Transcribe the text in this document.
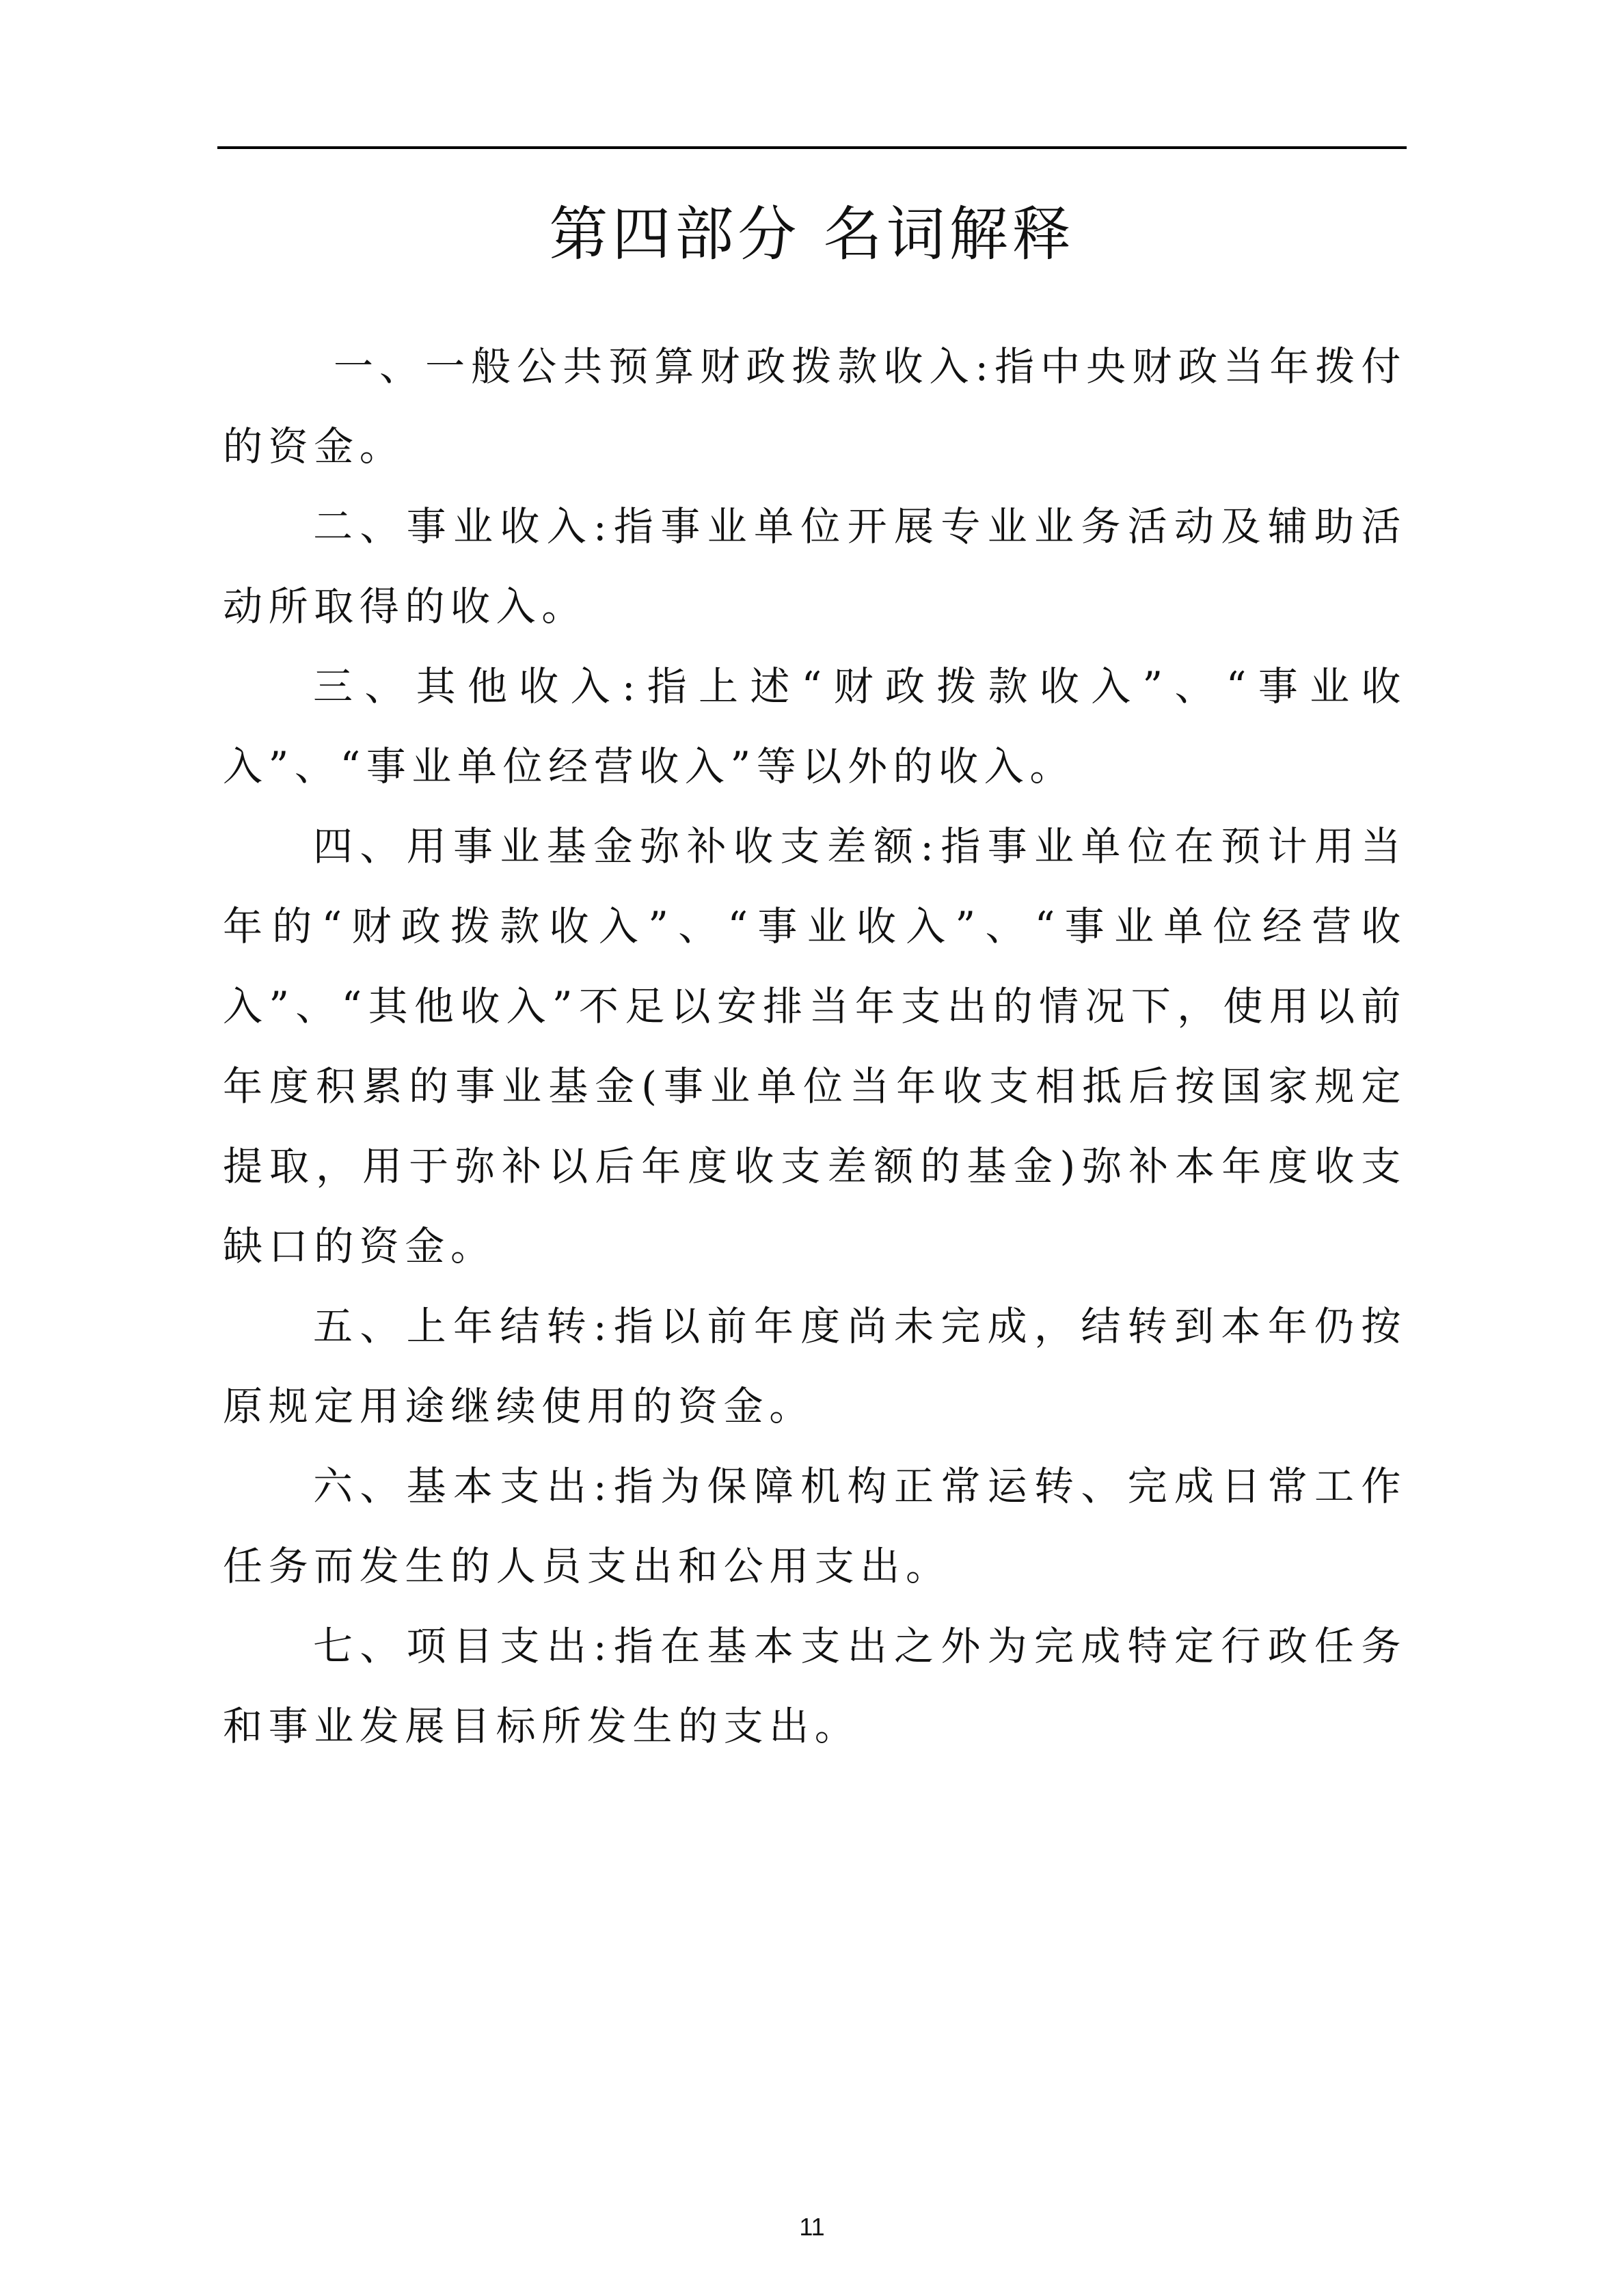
第四部分 名词解释

一、一般公共预算财政拨款收入:指中央财政当年拨付的资金。

二、事业收入:指事业单位开展专业业务活动及辅助活动所取得的收入。

三、其他收入:指上述“财政拨款收入”、“事业收入”、“事业单位经营收入”等以外的收入。

四、用事业基金弥补收支差额:指事业单位在预计用当年的“财政拨款收入”、“事业收入”、“事业单位经营收入”、“其他收入”不足以安排当年支出的情况下，使用以前年度积累的事业基金(事业单位当年收支相抵后按国家规定提取，用于弥补以后年度收支差额的基金)弥补本年度收支缺口的资金。

五、上年结转:指以前年度尚未完成，结转到本年仍按原规定用途继续使用的资金。

六、基本支出:指为保障机构正常运转、完成日常工作任务而发生的人员支出和公用支出。

七、项目支出:指在基本支出之外为完成特定行政任务和事业发展目标所发生的支出。

11
